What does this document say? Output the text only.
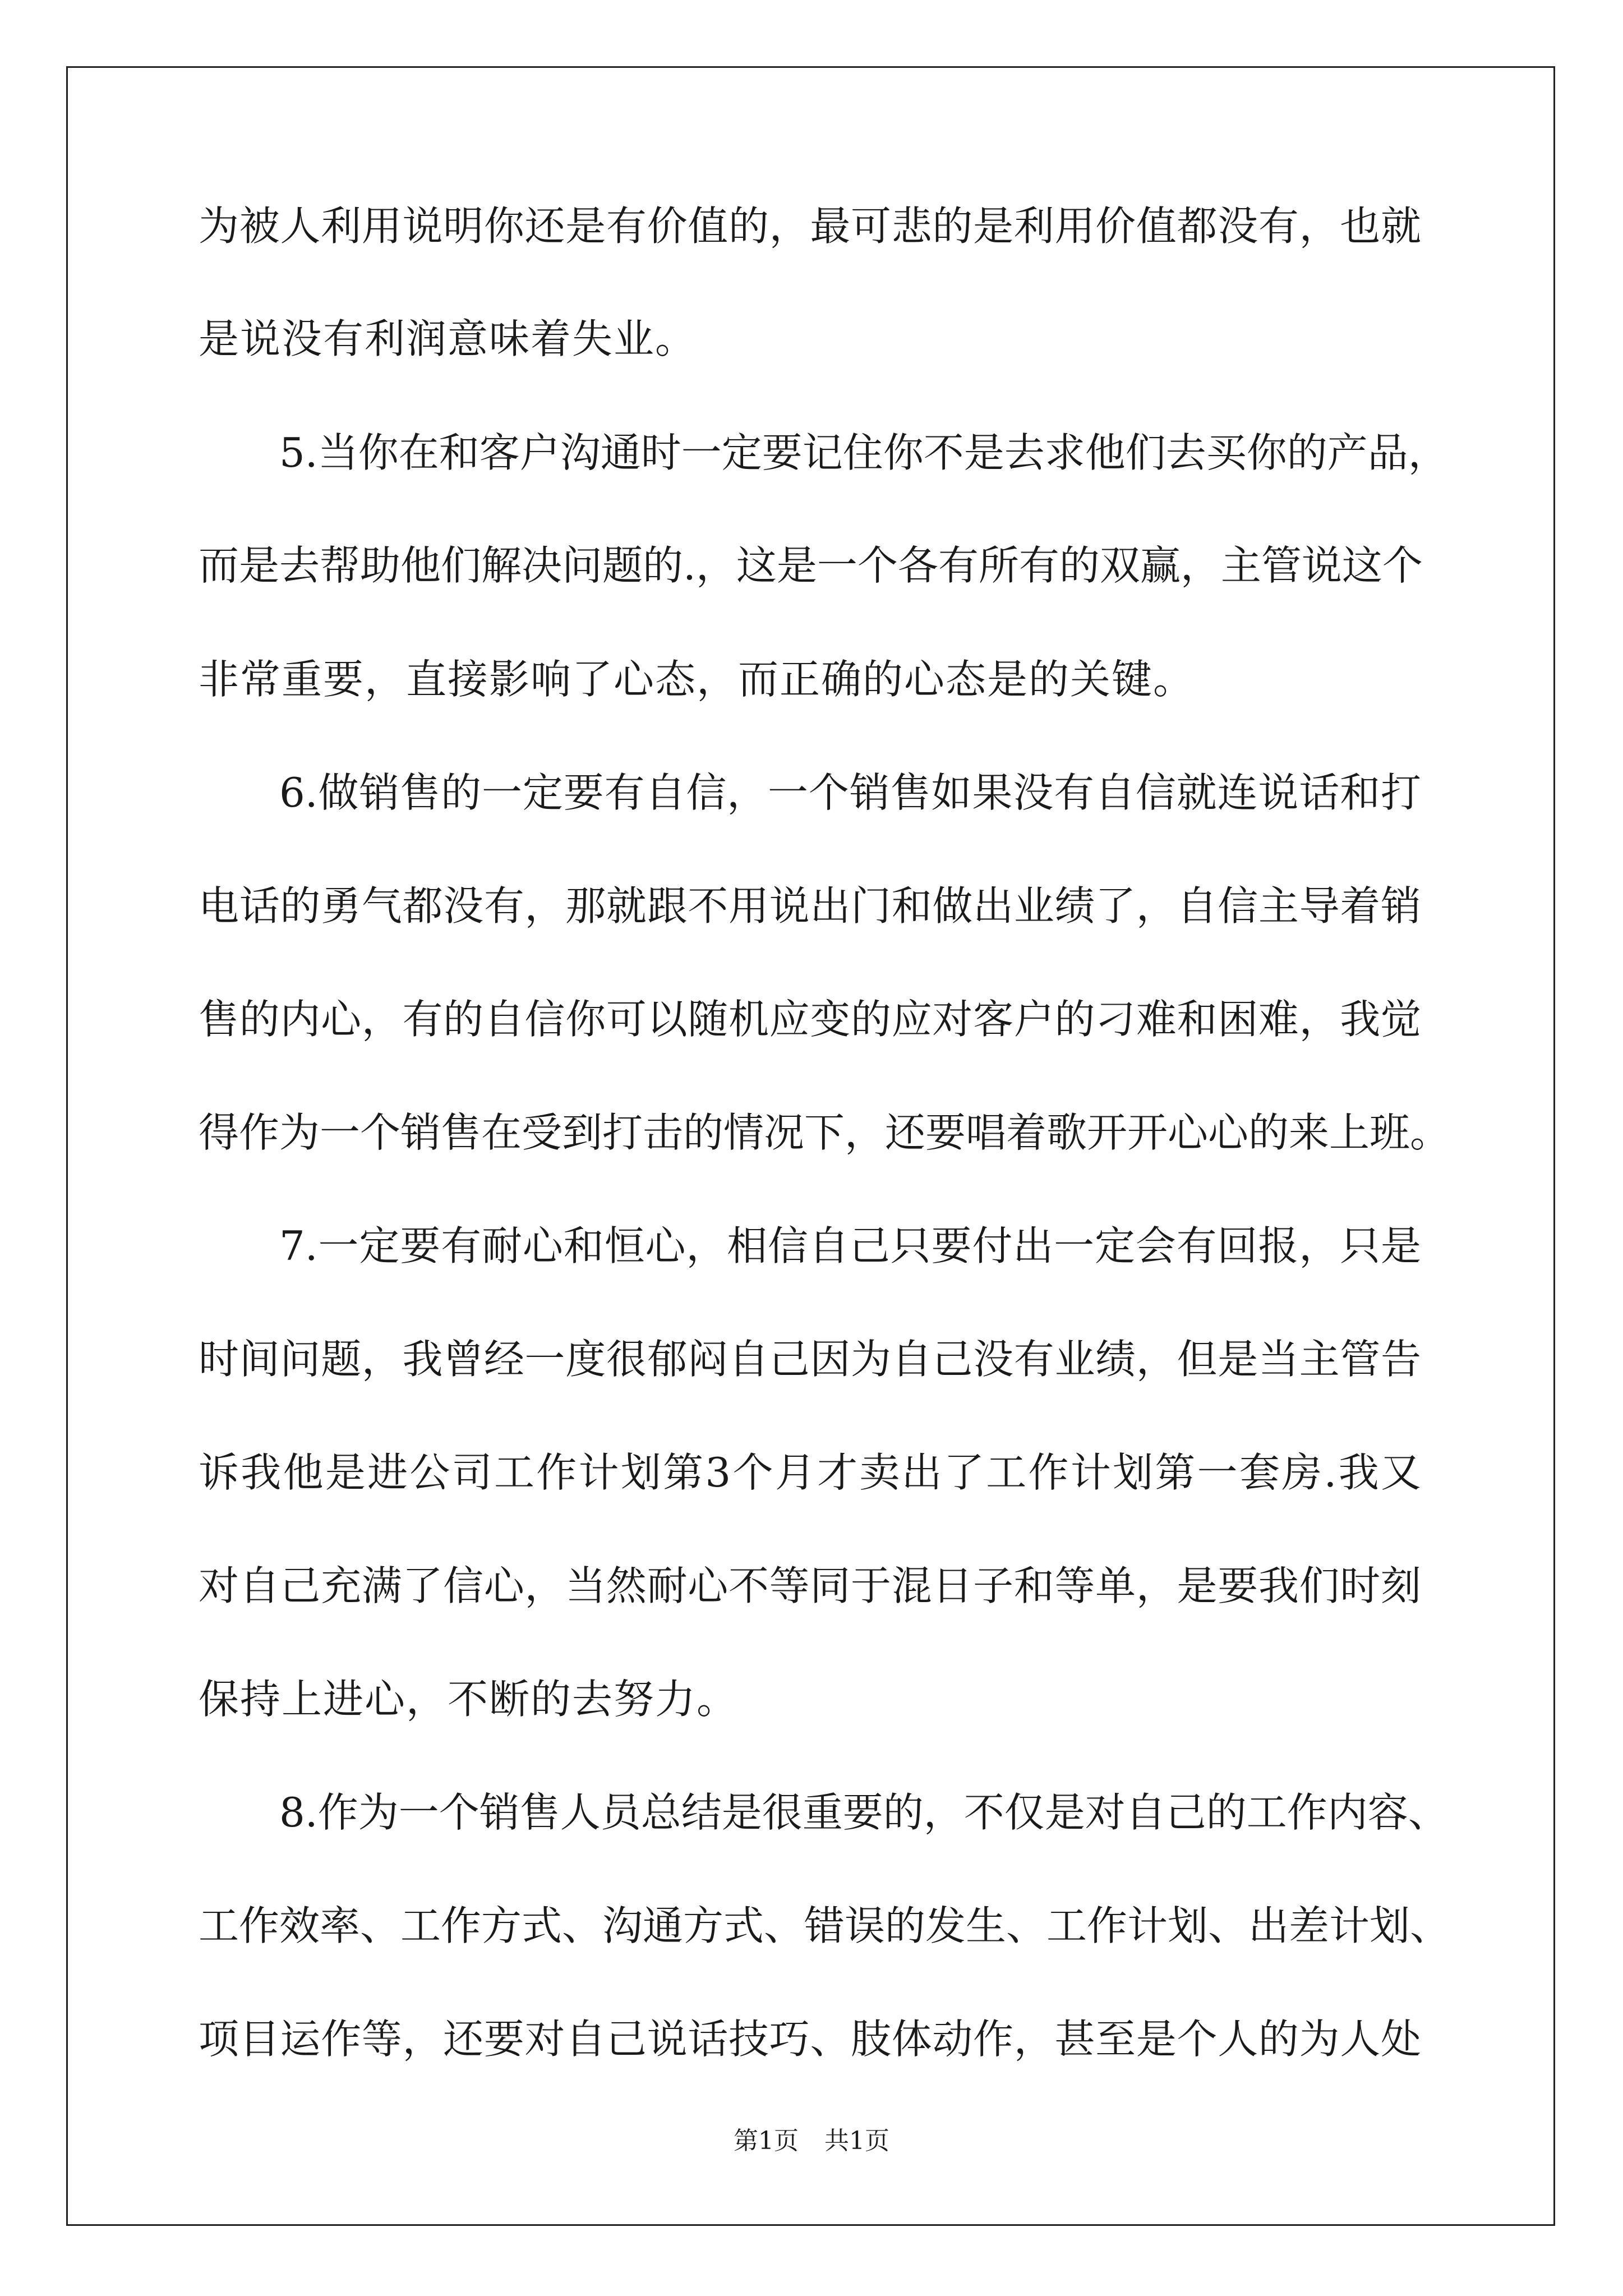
为被人利用说明你还是有价值的，最可悲的是利用价值都没有，也就
是说没有利润意味着失业。
5.当你在和客户沟通时一定要记住你不是去求他们去买你的产品，
而是去帮助他们解决问题的.，这是一个各有所有的双赢，主管说这个
非常重要，直接影响了心态，而正确的心态是的关键。
6.做销售的一定要有自信，一个销售如果没有自信就连说话和打
电话的勇气都没有，那就跟不用说出门和做出业绩了，自信主导着销
售的内心，有的自信你可以随机应变的应对客户的刁难和困难，我觉
得作为一个销售在受到打击的情况下，还要唱着歌开开心心的来上班。
7.一定要有耐心和恒心，相信自己只要付出一定会有回报，只是
时间问题，我曾经一度很郁闷自己因为自己没有业绩，但是当主管告
诉我他是进公司工作计划第3个月才卖出了工作计划第一套房.我又
对自己充满了信心，当然耐心不等同于混日子和等单，是要我们时刻
保持上进心，不断的去努力。
8.作为一个销售人员总结是很重要的，不仅是对自己的工作内容、
工作效率、工作方式、沟通方式、错误的发生、工作计划、出差计划、
项目运作等，还要对自己说话技巧、肢体动作，甚至是个人的为人处
第1页 共1页
